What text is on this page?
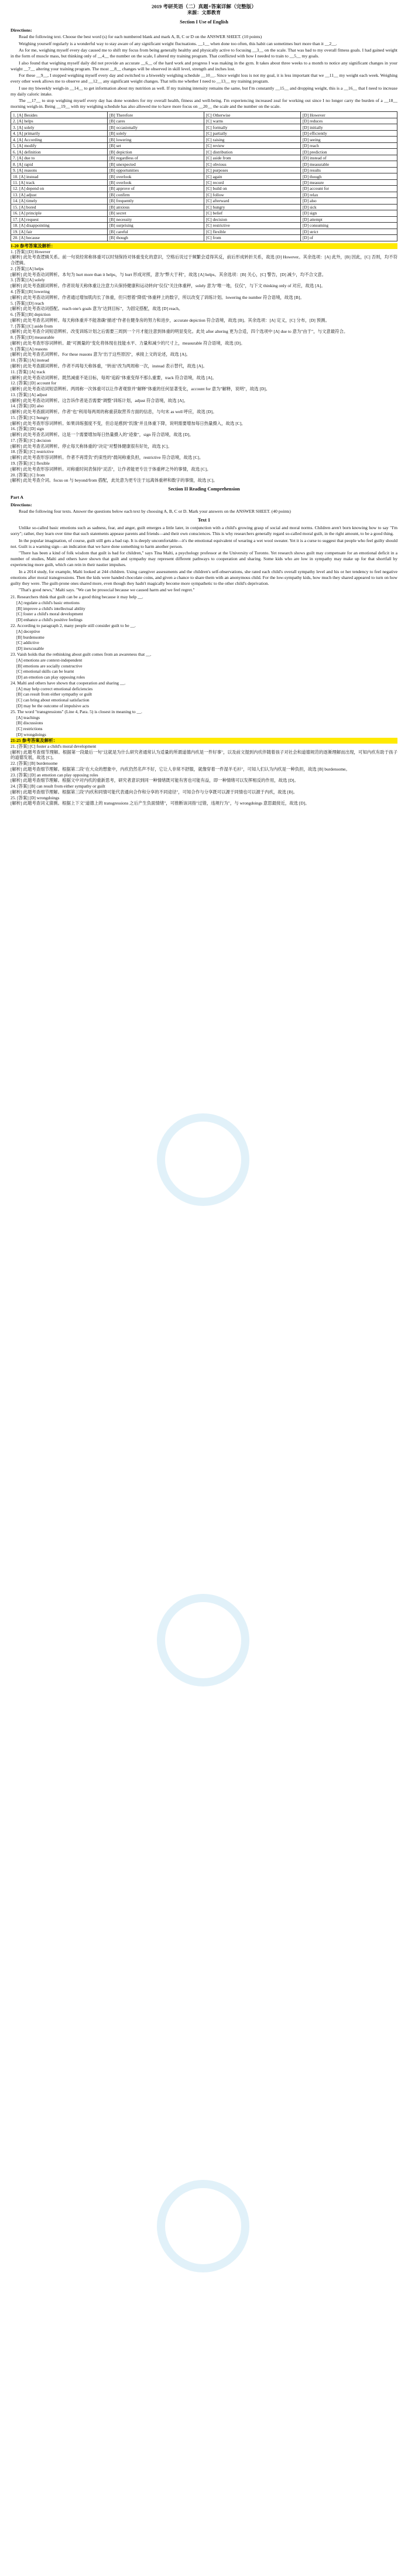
2019 考研英语（二）真题+答案详解（完整版）
来源：文都教育
Section I Use of English
Directions:

Read the following text. Choose the best word (s) for each numbered blank and mark A, B, C or D on the ANSWER SHEET. (10 points)

Weighing yourself regularly is a wonderful way to stay aware of any significant weight fluctuations. __1__ when done too often, this habit can sometimes hurt more than it __2__.

As for me, weighing myself every day caused me to shift my focus from being generally healthy and physically active to focusing __3__ on the scale. That was bad to my overall fitness goals. I had gained weight in the form of muscle mass, but thinking only of __4__ the number on the scale, I altered my training program. That conflicted with how I needed to train to __5__ my goals.

I also found that weighing myself daily did not provide an accurate __6__ of the hard work and progress I was making in the gym. It takes about three weeks to a month to notice any significant changes in your weight __7__ altering your training program. The most __8__ changes will be observed in skill level, strength and inches lost.

For these __9__, I stopped weighing myself every day and switched to a biweekly weighing schedule __10__. Since weight loss is not my goal, it is less important that we __11__ my weight each week. Weighing every other week allows me to observe and __12__ any significant weight changes. That tells me whether I need to __13__ my training program.

I use my biweekly weigh-in __14__ to get information about my nutrition as well. If my training intensity remains the same, but I'm constantly __15__ and dropping weight, this is a __16__ that I need to increase my daily caloric intake.

The __17__ to stop weighing myself every day has done wonders for my overall health, fitness and well-being. I'm experiencing increased zeal for working out since I no longer carry the burden of a __18__ morning weigh-in. Being __19__ with my weighing schedule has also allowed me to have more focus on __20__ the scale and the number on the scale.

1. [A] Besides	[B] Therefore	[C] Otherwise	[D] However
2. [A] helps	[B] cares	[C] warns	[D] reduces
3. [A] solely	[B] occasionally	[C] formally	[D] initially
4. [A] primarily	[B] solely	[C] partially	[D] efficiently
4. [A] According	[B] lowering	[C] raising	[D] seeing
5. [A] modify	[B] set	[C] review	[D] reach
6. [A] definition	[B] depiction	[C] distribution	[D] prediction
7. [A] due to	[B] regardless of	[C] aside from	[D] instead of
8. [A] rapid	[B] unexpected	[C] obvious	[D] measurable
9. [A] reasons	[B] opportunities	[C] purposes	[D] results
10. [A] instead	[B] overlook	[C] again	[D] though
11. [A] track	[B] overlook	[C] record	[D] measure
12. [A] depend on	[B] approve of	[C] build on	[D] account for
13. [A] adjust	[B] confirm	[C] follow	[D] relax
14. [A] timely	[B] frequently	[C] afterward	[D] also
15. [A] bored	[B] anxious	[C] hungry	[D] sick
16. [A] principle	[B] secret	[C] belief	[D] sign
17. [A] request	[B] necessity	[C] decision	[D] attempt
18. [A] disappointing	[B] surprising	[C] restrictive	[D] consuming
19. [A] fair	[B] careful	[C] flexible	[D] strict
20. [A] because	[B] though	[C] from	[D] of
1-20 参考答案及解析：

1. [答案] [D] However

[解析] 此处考查逻辑关系。前一句说经常称体重可以时刻保持对体重变化的意识，空格后说过于频繁会适得其反，前后形成转折关系，故选 [D] However。其余选项：[A] 此外，[B] 因此，[C] 否则，均不符合逻辑。

2. [答案] [A] helps

[解析] 此处考查动词辨析。本句为 hurt more than it helps，与 hurt 形成对照，意为"弊大于利"，故选 [A] helps。其余选项：[B] 关心，[C] 警告，[D] 减少，均不合文意。

3. [答案] [A] solely

[解析] 此处考查副词辨析。作者说每天称体重让注意力从保持健康和运动转向"仅仅"关注体重秤，solely 意为"唯一地，仅仅"，与下文 thinking only of 对应，故选 [A]。

4. [答案] [B] lowering

[解析] 此处考查动词辨析。作者通过增加肌肉长了体重，但只想着"降低"体重秤上的数字，所以改变了训练计划。lowering the number 符合语境，故选 [B]。

5. [答案] [D] reach

[解析] 此处考查动词搭配。reach one's goals 意为"达到目标"，为固定搭配，故选 [D] reach。

6. [答案] [B] depiction

[解析] 此处考查名词辨析。每天称体重并不能准确"描述"作者在健身房的努力和进步，accurate depiction 符合语境，故选 [B]。其余选项：[A] 定义，[C] 分布，[D] 预测。

7. [答案] [C] aside from

[解析] 此处考查介词短语辨析。改变训练计划之后需要三周到一个月才能注意到体重的明显变化。此处 after altering 更为合适，四个选项中 [A] due to 意为"由于"，与文意最符合。

8. [答案] [D] measurable

[解析] 此处考查形容词辨析。最"可测量的"变化将体现在技能水平、力量和减少的尺寸上，measurable 符合语境，故选 [D]。

9. [答案] [A] reasons

[解析] 此处考查名词辨析。For these reasons 意为"出于这些原因"，承接上文的论述，故选 [A]。

10. [答案] [A] instead

[解析] 此处考查副词辨析。作者不再每天称体重，"转而"改为两周称一次，instead 表示替代，故选 [A]。

11. [答案] [A] track

[解析] 此处考查动词辨析。既然减重不是目标，每周"追踪"体重变得不那么重要，track 符合语境，故选 [A]。

12. [答案] [D] account for

[解析] 此处考查动词短语辨析。两周称一次体重可以让作者观察并"解释"体重的任何显著变化，account for 意为"解释，说明"，故选 [D]。

13. [答案] [A] adjust

[解析] 此处考查动词辨析。这告诉作者是否需要"调整"训练计划，adjust 符合语境，故选 [A]。

14. [答案] [D] also

[解析] 此处考查副词辨析。作者"也"利用每两周的称重获取营养方面的信息，与句末 as well 呼应，故选 [D]。

15. [答案] [C] hungry

[解析] 此处考查形容词辨析。如果训练强度不变，但总是感到"饥饿"并且体重下降，说明需要增加每日热量摄入，故选 [C]。

16. [答案] [D] sign

[解析] 此处考查名词辨析。这是一个需要增加每日热量摄入的"迹象"，sign 符合语境，故选 [D]。

17. [答案] [C] decision

[解析] 此处考查名词辨析。停止每天称体重的"决定"对整体健康很有好处，故选 [C]。

18. [答案] [C] restrictive

[解析] 此处考查形容词辨析。作者不再背负"约束性的"晨间称重负担，restrictive 符合语境，故选 [C]。

19. [答案] [C] flexible

[解析] 此处考查形容词辨析。对称重时间表保持"灵活"，让作者能更专注于体重秤之外的事情，故选 [C]。

20. [答案] [C] from

[解析] 此处考查介词。focus on 与 beyond/from 搭配，此处意为更专注于远离体重秤和数字的事情，故选 [C]。

Section II Reading Comprehension
Part A
Directions:

Read the following four texts. Answer the questions below each text by choosing A, B, C or D. Mark your answers on the ANSWER SHEET. (40 points)

Text 1

Unlike so-called basic emotions such as sadness, fear, and anger, guilt emerges a little later, in conjunction with a child's growing grasp of social and moral norms. Children aren't born knowing how to say "I'm sorry"; rather, they learn over time that such statements appease parents and friends—and their own consciences. This is why researchers generally regard so-called moral guilt, in the right amount, to be a good thing.

In the popular imagination, of course, guilt still gets a bad rap. It is deeply uncomfortable—it's the emotional equivalent of wearing a wet wool sweater. Yet it is a curse to suggest that people who feel guilty should not. Guilt is a warning sign—an indication that we have done something to harm another person.

"There has been a kind of folk wisdom that guilt is bad for children," says Tina Malti, a psychology professor at the University of Toronto. Yet research shows guilt may compensate for an emotional deficit in a number of studies, Malti and others have shown that guilt and sympathy may represent different pathways to cooperation and sharing. Some kids who are low in sympathy may make up for that shortfall by experiencing more guilt, which can rein in their nastier impulses.

In a 2014 study, for example, Malti looked at 244 children. Using caregiver assessments and the children's self-observations, she rated each child's overall sympathy level and his or her tendency to feel negative emotions after moral transgressions. Then the kids were handed chocolate coins, and given a chance to share them with an anonymous child. For the low-sympathy kids, how much they shared appeared to turn on how guilty they were. The guilt-prone ones shared more, even though they hadn't magically become more sympathetic to the other child's deprivation.

"That's good news," Malti says. "We can be prosocial because we caused harm and we feel regret."

21. Researchers think that guilt can be a good thing because it may help __.
[A] regulate a child's basic emotions
[B] improve a child's intellectual ability
[C] foster a child's moral development
[D] enhance a child's positive feelings
22. According to paragraph 2, many people still consider guilt to be __.
[A] deceptive
[B] burdensome
[C] addictive
[D] inexcusable
23. Vaish holds that the rethinking about guilt comes from an awareness that __.
[A] emotions are context-independent
[B] emotions are socially constructive
[C] emotional skills can be learnt
[D] an emotion can play opposing roles
24. Malti and others have shown that cooperation and sharing __.
[A] may help correct emotional deficiencies
[B] can result from either sympathy or guilt
[C] can bring about emotional satisfaction
[D] may be the outcome of impulsive acts
25. The word "transgressions" (Line 4, Para. 5) is closest in meaning to __.
[A] teachings
[B] discussions
[C] restrictions
[D] wrongdoings
21-25 参考答案及解析：

21. [答案] [C] foster a child's moral development

[解析] 此题考查细节理解。根据第一段最后一句"这就是为什么研究者通常认为适量的所谓道德内疚是一件好事"，以及前文提到内疚伴随着孩子对社会和道德规范的逐渐理解而出现，可知内疚有助于孩子的道德发展，故选 [C]。

22. [答案] [B] burdensome

[解析] 此题考查细节理解。根据第二段"在大众的想象中，内疚仍然名声不好，它让人非常不舒服，就像穿着一件湿羊毛衫"，可知人们认为内疚是一种负担，故选 [B] burdensome。

23. [答案] [D] an emotion can play opposing roles

[解析] 此题考查细节理解。根据文中对内疚的重新思考，研究者意识到同一种情绪既可能有害也可能有益，即一种情绪可以发挥相反的作用，故选 [D]。

24. [答案] [B] can result from either sympathy or guilt

[解析] 此题考查细节理解。根据第三段"内疚和同情可能代表通向合作和分享的不同途径"，可知合作与分享既可以源于同情也可以源于内疚，故选 [B]。

25. [答案] [D] wrongdoings

[解析] 此题考查词义猜测。根据上下文"道德上的 transgressions 之后产生负面情绪"，可推断该词指"过错，违规行为"，与 wrongdoings 意思最接近，故选 [D]。
